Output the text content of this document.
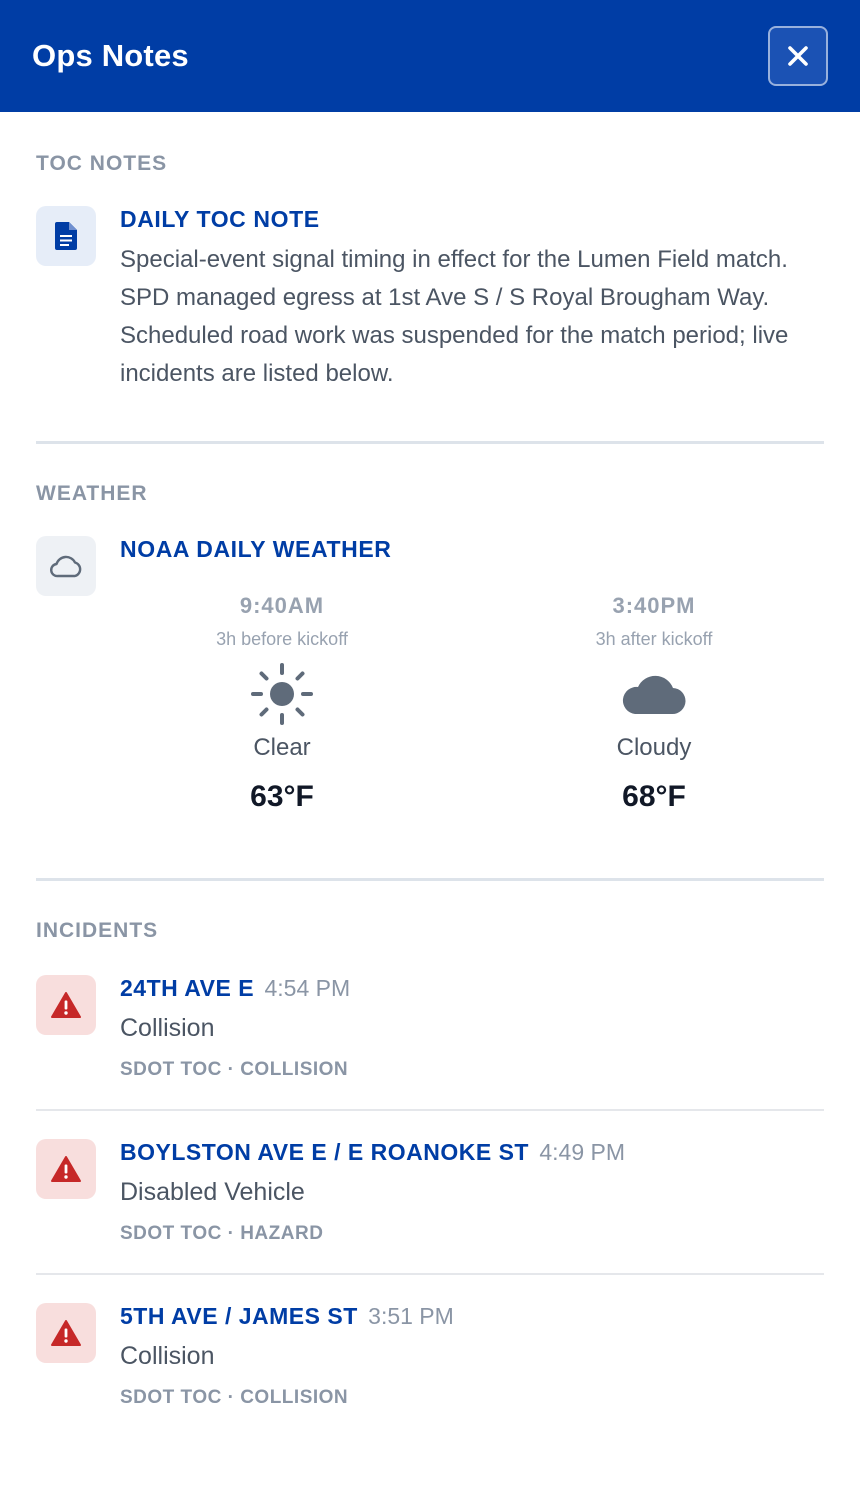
Ops Notes
TOC NOTES
DAILY TOC NOTE
Special-event signal timing in effect for the Lumen Field match. SPD managed egress at 1st Ave S / S Royal Brougham Way. Scheduled road work was suspended for the match period; live incidents are listed below.
WEATHER
NOAA DAILY WEATHER
9:40AM
3h before kickoff
Clear
63°F
3:40PM
3h after kickoff
Cloudy
68°F
INCIDENTS
24TH AVE E 4:54 PM
Collision
SDOT TOC · COLLISION
BOYLSTON AVE E / E ROANOKE ST 4:49 PM
Disabled Vehicle
SDOT TOC · HAZARD
5TH AVE / JAMES ST 3:51 PM
Collision
SDOT TOC · COLLISION
